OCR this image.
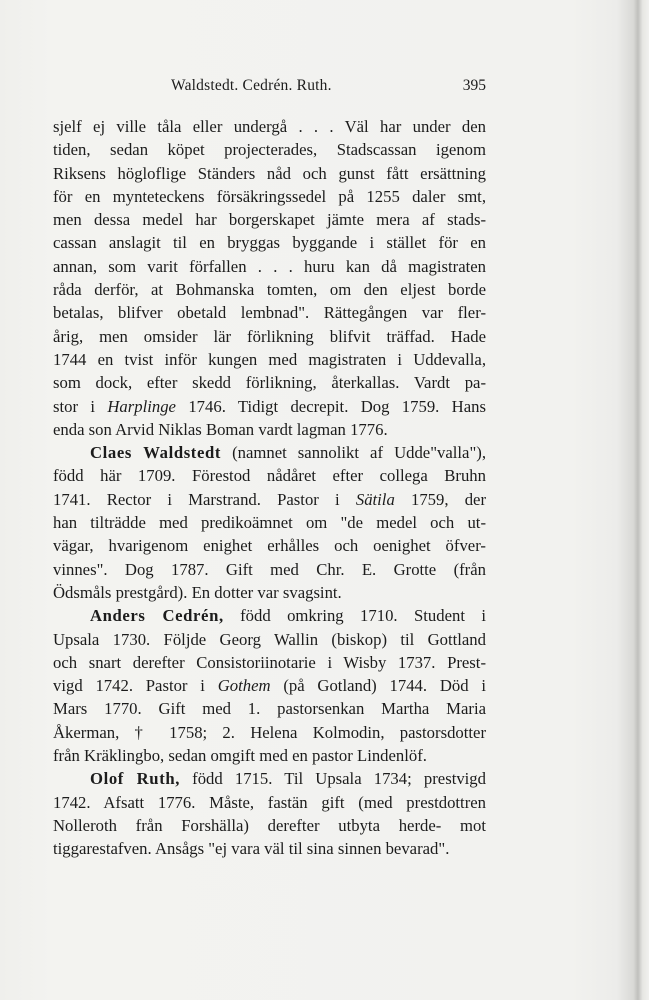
Waldstedt. Cedrén. Ruth.	395
sjelf ej ville tåla eller undergå . . . Väl har under den
tiden, sedan köpet projecterades, Stadscassan igenom
Riksens högloflige Ständers nåd och gunst fått ersättning
för en mynteteckens försäkringssedel på 1255 daler smt,
men dessa medel har borgerskapet jämte mera af stads-
cassan anslagit til en bryggas byggande i stället för en
annan, som varit förfallen . . . huru kan då magistraten
råda derför, at Bohmanska tomten, om den eljest borde
betalas, blifver obetald lembnad". Rättegången var fler-
årig, men omsider lär förlikning blifvit träffad. Hade
1744 en tvist inför kungen med magistraten i Uddevalla,
som dock, efter skedd förlikning, återkallas. Vardt pa-
stor i Harplinge 1746. Tidigt decrepit. Dog 1759. Hans
enda son Arvid Niklas Boman vardt lagman 1776.
Claes Waldstedt (namnet sannolikt af Udde"valla"),
född här 1709. Förestod nådåret efter collega Bruhn
1741. Rector i Marstrand. Pastor i Sätila 1759, der
han tilträdde med predikoämnet om "de medel och ut-
vägar, hvarigenom enighet erhålles och oenighet öfver-
vinnes". Dog 1787. Gift med Chr. E. Grotte (från
Ödsmåls prestgård). En dotter var svagsint.
Anders Cedrén, född omkring 1710. Student i
Upsala 1730. Följde Georg Wallin (biskop) til Gottland
och snart derefter Consistoriinotarie i Wisby 1737. Prest-
vigd 1742. Pastor i Gothem (på Gotland) 1744. Död i
Mars 1770. Gift med 1. pastorsenkan Martha Maria
Åkerman, † 1758; 2. Helena Kolmodin, pastorsdotter
från Kräklingbo, sedan omgift med en pastor Lindenlöf.
Olof Ruth, född 1715. Til Upsala 1734; prestvigd
1742. Afsatt 1776. Måste, fastän gift (med prestdottren
Nolleroth från Forshälla) derefter utbyta herde- mot
tiggarestafven. Ansågs "ej vara väl til sina sinnen bevarad".
